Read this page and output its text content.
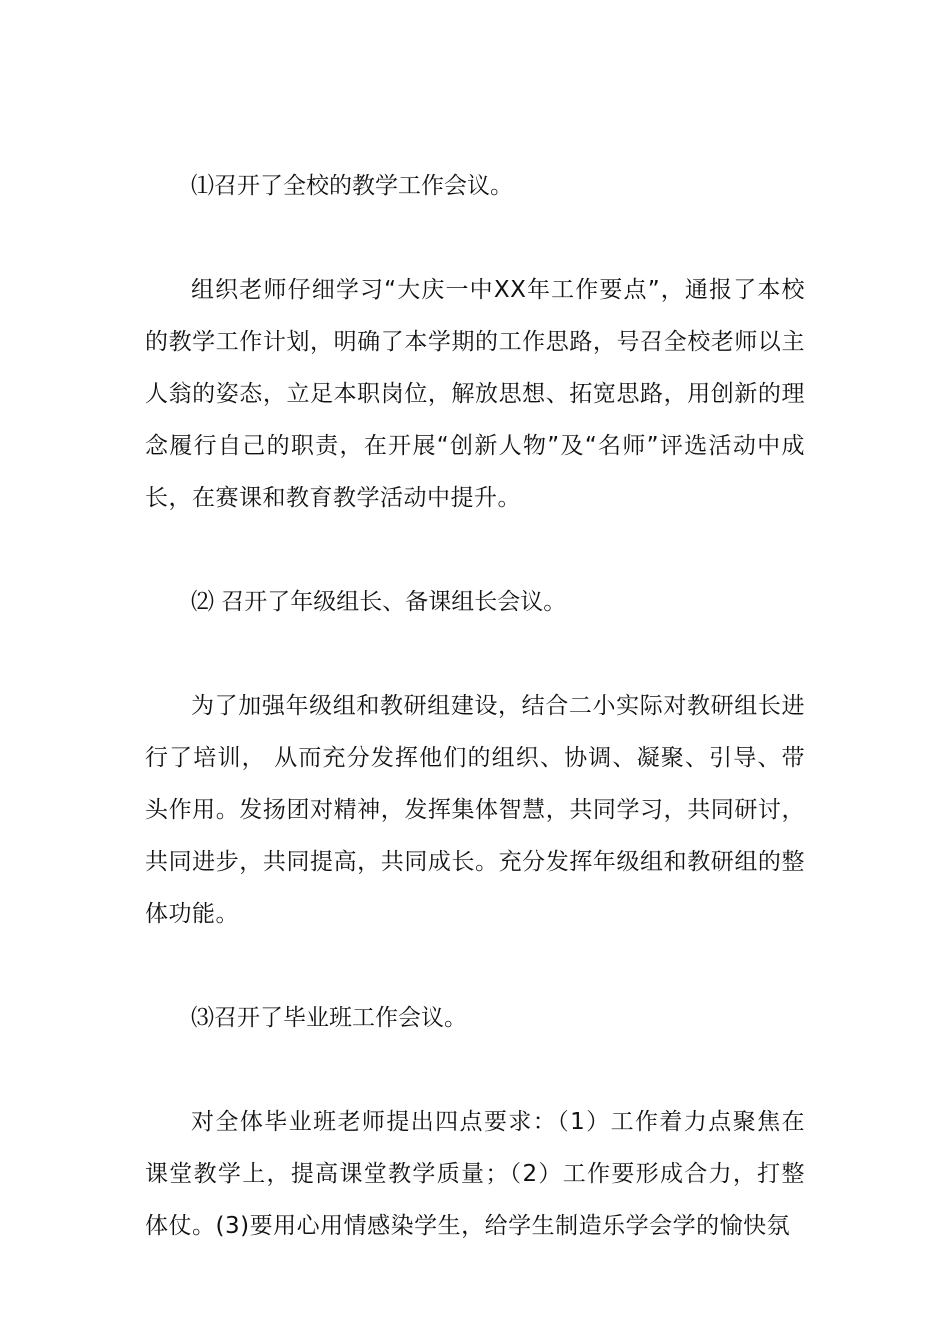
⑴召开了全校的教学工作会议。

组织老师仔细学习“大庆一中XX年工作要点”，通报了本校的教学工作计划，明确了本学期的工作思路，号召全校老师以主人翁的姿态，立足本职岗位，解放思想、拓宽思路，用创新的理念履行自己的职责，在开展“创新人物”及“名师”评选活动中成长，在赛课和教育教学活动中提升。

⑵ 召开了年级组长、备课组长会议。

为了加强年级组和教研组建设，结合二小实际对教研组长进行了培训， 从而充分发挥他们的组织、协调、凝聚、引导、带头作用。发扬团对精神，发挥集体智慧，共同学习，共同研讨，共同进步，共同提高，共同成长。充分发挥年级组和教研组的整体功能。

⑶召开了毕业班工作会议。

对全体毕业班老师提出四点要求：（1）工作着力点聚焦在课堂教学上，提高课堂教学质量；（2）工作要形成合力，打整体仗。(3)要用心用情感染学生，给学生制造乐学会学的愉快氛
